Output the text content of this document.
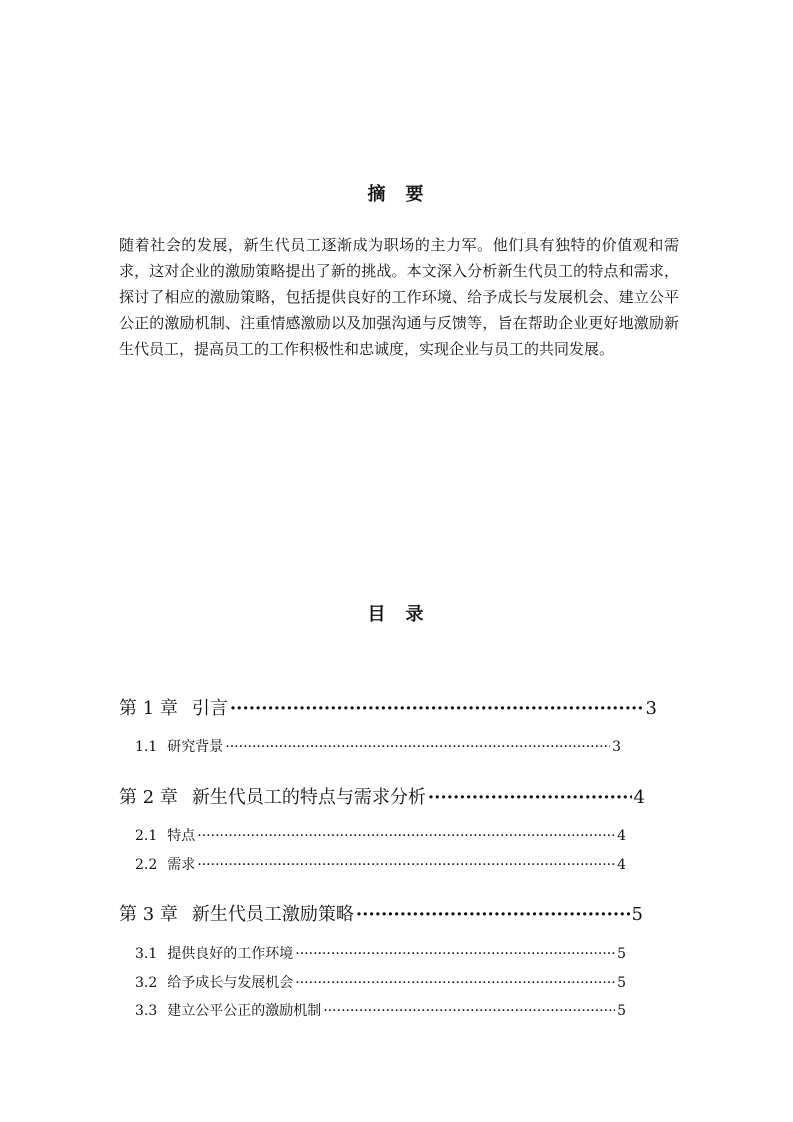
摘 要
随着社会的发展，新生代员工逐渐成为职场的主力军。他们具有独特的价值观和需求，这对企业的激励策略提出了新的挑战。本文深入分析新生代员工的特点和需求，探讨了相应的激励策略，包括提供良好的工作环境、给予成长与发展机会、建立公平公正的激励机制、注重情感激励以及加强沟通与反馈等，旨在帮助企业更好地激励新生代员工，提高员工的工作积极性和忠诚度，实现企业与员工的共同发展。
目 录
第 1 章 引言 ·····	3
1.1 研究背景 ·····	3
第 2 章 新生代员工的特点与需求分析 ·····	4
2.1 特点 ·····	4
2.2 需求 ·····	4
第 3 章 新生代员工激励策略 ·····	5
3.1 提供良好的工作环境 ·····	5
3.2 给予成长与发展机会 ·····	5
3.3 建立公平公正的激励机制 ·····	5
